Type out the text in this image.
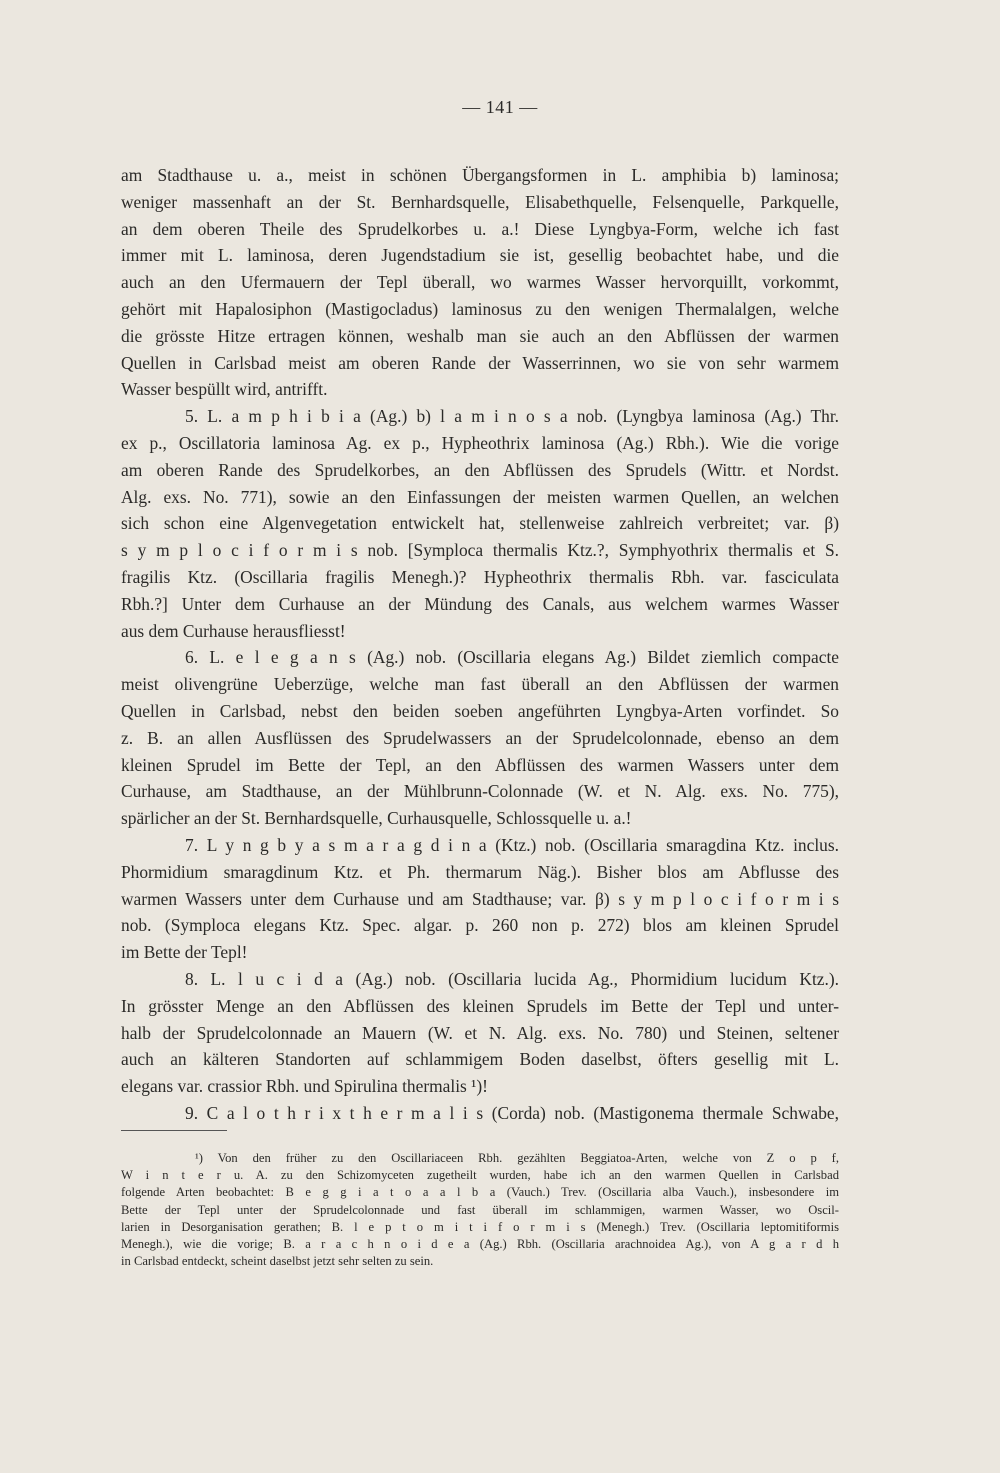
— 141 —
am Stadthause u. a., meist in schönen Übergangsformen in L. amphibia b) laminosa;
weniger massenhaft an der St. Bernhardsquelle, Elisabethquelle, Felsenquelle, Parkquelle,
an dem oberen Theile des Sprudelkorbes u. a.! Diese Lyngbya-Form, welche ich fast
immer mit L. laminosa, deren Jugendstadium sie ist, gesellig beobachtet habe, und die
auch an den Ufermauern der Tepl überall, wo warmes Wasser hervorquillt, vorkommt,
gehört mit Hapalosiphon (Mastigocladus) laminosus zu den wenigen Thermalalgen, welche
die grösste Hitze ertragen können, weshalb man sie auch an den Abflüssen der warmen
Quellen in Carlsbad meist am oberen Rande der Wasserrinnen, wo sie von sehr warmem
Wasser bespüllt wird, antrifft.
5. L. a m p h i b i a (Ag.) b) l a m i n o s a nob. (Lyngbya laminosa (Ag.) Thr.
ex p., Oscillatoria laminosa Ag. ex p., Hypheothrix laminosa (Ag.) Rbh.). Wie die vorige
am oberen Rande des Sprudelkorbes, an den Abflüssen des Sprudels (Wittr. et Nordst.
Alg. exs. No. 771), sowie an den Einfassungen der meisten warmen Quellen, an welchen
sich schon eine Algenvegetation entwickelt hat, stellenweise zahlreich verbreitet; var. β)
s y m p l o c i f o r m i s nob. [Symploca thermalis Ktz.?, Symphyothrix thermalis et S.
fragilis Ktz. (Oscillaria fragilis Menegh.)? Hypheothrix thermalis Rbh. var. fasciculata
Rbh.?] Unter dem Curhause an der Mündung des Canals, aus welchem warmes Wasser
aus dem Curhause herausfliesst!
6. L. e l e g a n s (Ag.) nob. (Oscillaria elegans Ag.) Bildet ziemlich compacte
meist olivengrüne Ueberzüge, welche man fast überall an den Abflüssen der warmen
Quellen in Carlsbad, nebst den beiden soeben angeführten Lyngbya-Arten vorfindet. So
z. B. an allen Ausflüssen des Sprudelwassers an der Sprudelcolonnade, ebenso an dem
kleinen Sprudel im Bette der Tepl, an den Abflüssen des warmen Wassers unter dem
Curhause, am Stadthause, an der Mühlbrunn-Colonnade (W. et N. Alg. exs. No. 775),
spärlicher an der St. Bernhardsquelle, Curhausquelle, Schlossquelle u. a.!
7. L y n g b y a s m a r a g d i n a (Ktz.) nob. (Oscillaria smaragdina Ktz. inclus.
Phormidium smaragdinum Ktz. et Ph. thermarum Näg.). Bisher blos am Abflusse des
warmen Wassers unter dem Curhause und am Stadthause; var. β) s y m p l o c i f o r m i s
nob. (Symploca elegans Ktz. Spec. algar. p. 260 non p. 272) blos am kleinen Sprudel
im Bette der Tepl!
8. L. l u c i d a (Ag.) nob. (Oscillaria lucida Ag., Phormidium lucidum Ktz.).
In grösster Menge an den Abflüssen des kleinen Sprudels im Bette der Tepl und unter-
halb der Sprudelcolonnade an Mauern (W. et N. Alg. exs. No. 780) und Steinen, seltener
auch an kälteren Standorten auf schlammigem Boden daselbst, öfters gesellig mit L.
elegans var. crassior Rbh. und Spirulina thermalis ¹)!
9. C a l o t h r i x t h e r m a l i s (Corda) nob. (Mastigonema thermale Schwabe,
¹) Von den früher zu den Oscillariaceen Rbh. gezählten Beggiatoa-Arten, welche von Z o p f,
W i n t e r u. A. zu den Schizomyceten zugetheilt wurden, habe ich an den warmen Quellen in Carlsbad
folgende Arten beobachtet: B e g g i a t o a a l b a (Vauch.) Trev. (Oscillaria alba Vauch.), insbesondere im
Bette der Tepl unter der Sprudelcolonnade und fast überall im schlammigen, warmen Wasser, wo Oscil-
larien in Desorganisation gerathen; B. l e p t o m i t i f o r m i s (Menegh.) Trev. (Oscillaria leptomitiformis
Menegh.), wie die vorige; B. a r a c h n o i d e a (Ag.) Rbh. (Oscillaria arachnoidea Ag.), von A g a r d h
in Carlsbad entdeckt, scheint daselbst jetzt sehr selten zu sein.
